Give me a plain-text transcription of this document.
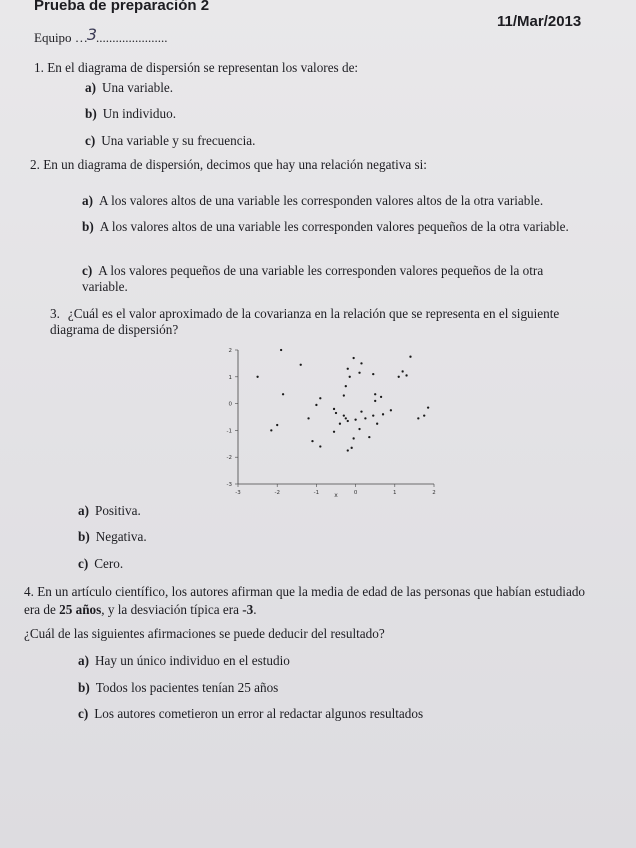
Prueba de preparación 2
11/Mar/2013
Equipo …3......................
1. En el diagrama de dispersión se representan los valores de:
a) Una variable.
b) Un individuo.
c) Una variable y su frecuencia.
2. En un diagrama de dispersión, decimos que hay una relación negativa si:
a) A los valores altos de una variable les corresponden valores altos de la otra variable.
b) A los valores altos de una variable les corresponden valores pequeños de la otra variable.
c) A los valores pequeños de una variable les corresponden valores pequeños de la otra variable.
3. ¿Cuál es el valor aproximado de la covarianza en la relación que se representa en el siguiente diagrama de dispersión?
-3	-2	-1	0	1	2
-3
-2
-1
0
1
2
x
a) Positiva.
b) Negativa.
c) Cero.
4. En un artículo científico, los autores afirman que la media de edad de las personas que habían estudiado era de 25 años, y la desviación típica era -3.
¿Cuál de las siguientes afirmaciones se puede deducir del resultado?
a) Hay un único individuo en el estudio
b) Todos los pacientes tenían 25 años
c) Los autores cometieron un error al redactar algunos resultados
